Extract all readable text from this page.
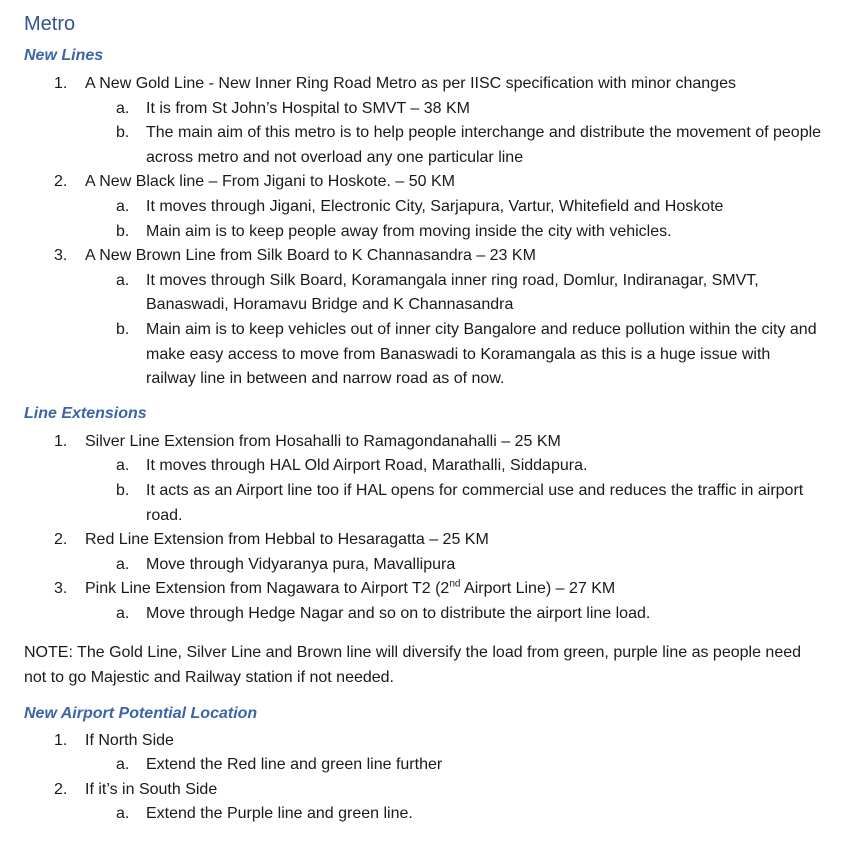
Metro
New Lines
1. A New Gold Line - New Inner Ring Road Metro as per IISC specification with minor changes
a. It is from St John’s Hospital to SMVT – 38 KM
b. The main aim of this metro is to help people interchange and distribute the movement of people across metro and not overload any one particular line
2. A New Black line – From Jigani to Hoskote. – 50 KM
a. It moves through Jigani, Electronic City, Sarjapura, Vartur, Whitefield and Hoskote
b. Main aim is to keep people away from moving inside the city with vehicles.
3. A New Brown Line from Silk Board to K Channasandra – 23 KM
a. It moves through Silk Board, Koramangala inner ring road, Domlur, Indiranagar, SMVT, Banaswadi, Horamavu Bridge and K Channasandra
b. Main aim is to keep vehicles out of inner city Bangalore and reduce pollution within the city and make easy access to move from Banaswadi to Koramangala as this is a huge issue with railway line in between and narrow road as of now.
Line Extensions
1. Silver Line Extension from Hosahalli to Ramagondanahalli – 25 KM
a. It moves through HAL Old Airport Road, Marathalli, Siddapura.
b. It acts as an Airport line too if HAL opens for commercial use and reduces the traffic in airport road.
2. Red Line Extension from Hebbal to Hesaragatta – 25 KM
a. Move through Vidyaranya pura, Mavallipura
3. Pink Line Extension from Nagawara to Airport T2 (2nd Airport Line) – 27 KM
a. Move through Hedge Nagar and so on to distribute the airport line load.

NOTE: The Gold Line, Silver Line and Brown line will diversify the load from green, purple line as people need not to go Majestic and Railway station if not needed.

New Airport Potential Location
1. If North Side
a. Extend the Red line and green line further
2. If it’s in South Side
a. Extend the Purple line and green line.
